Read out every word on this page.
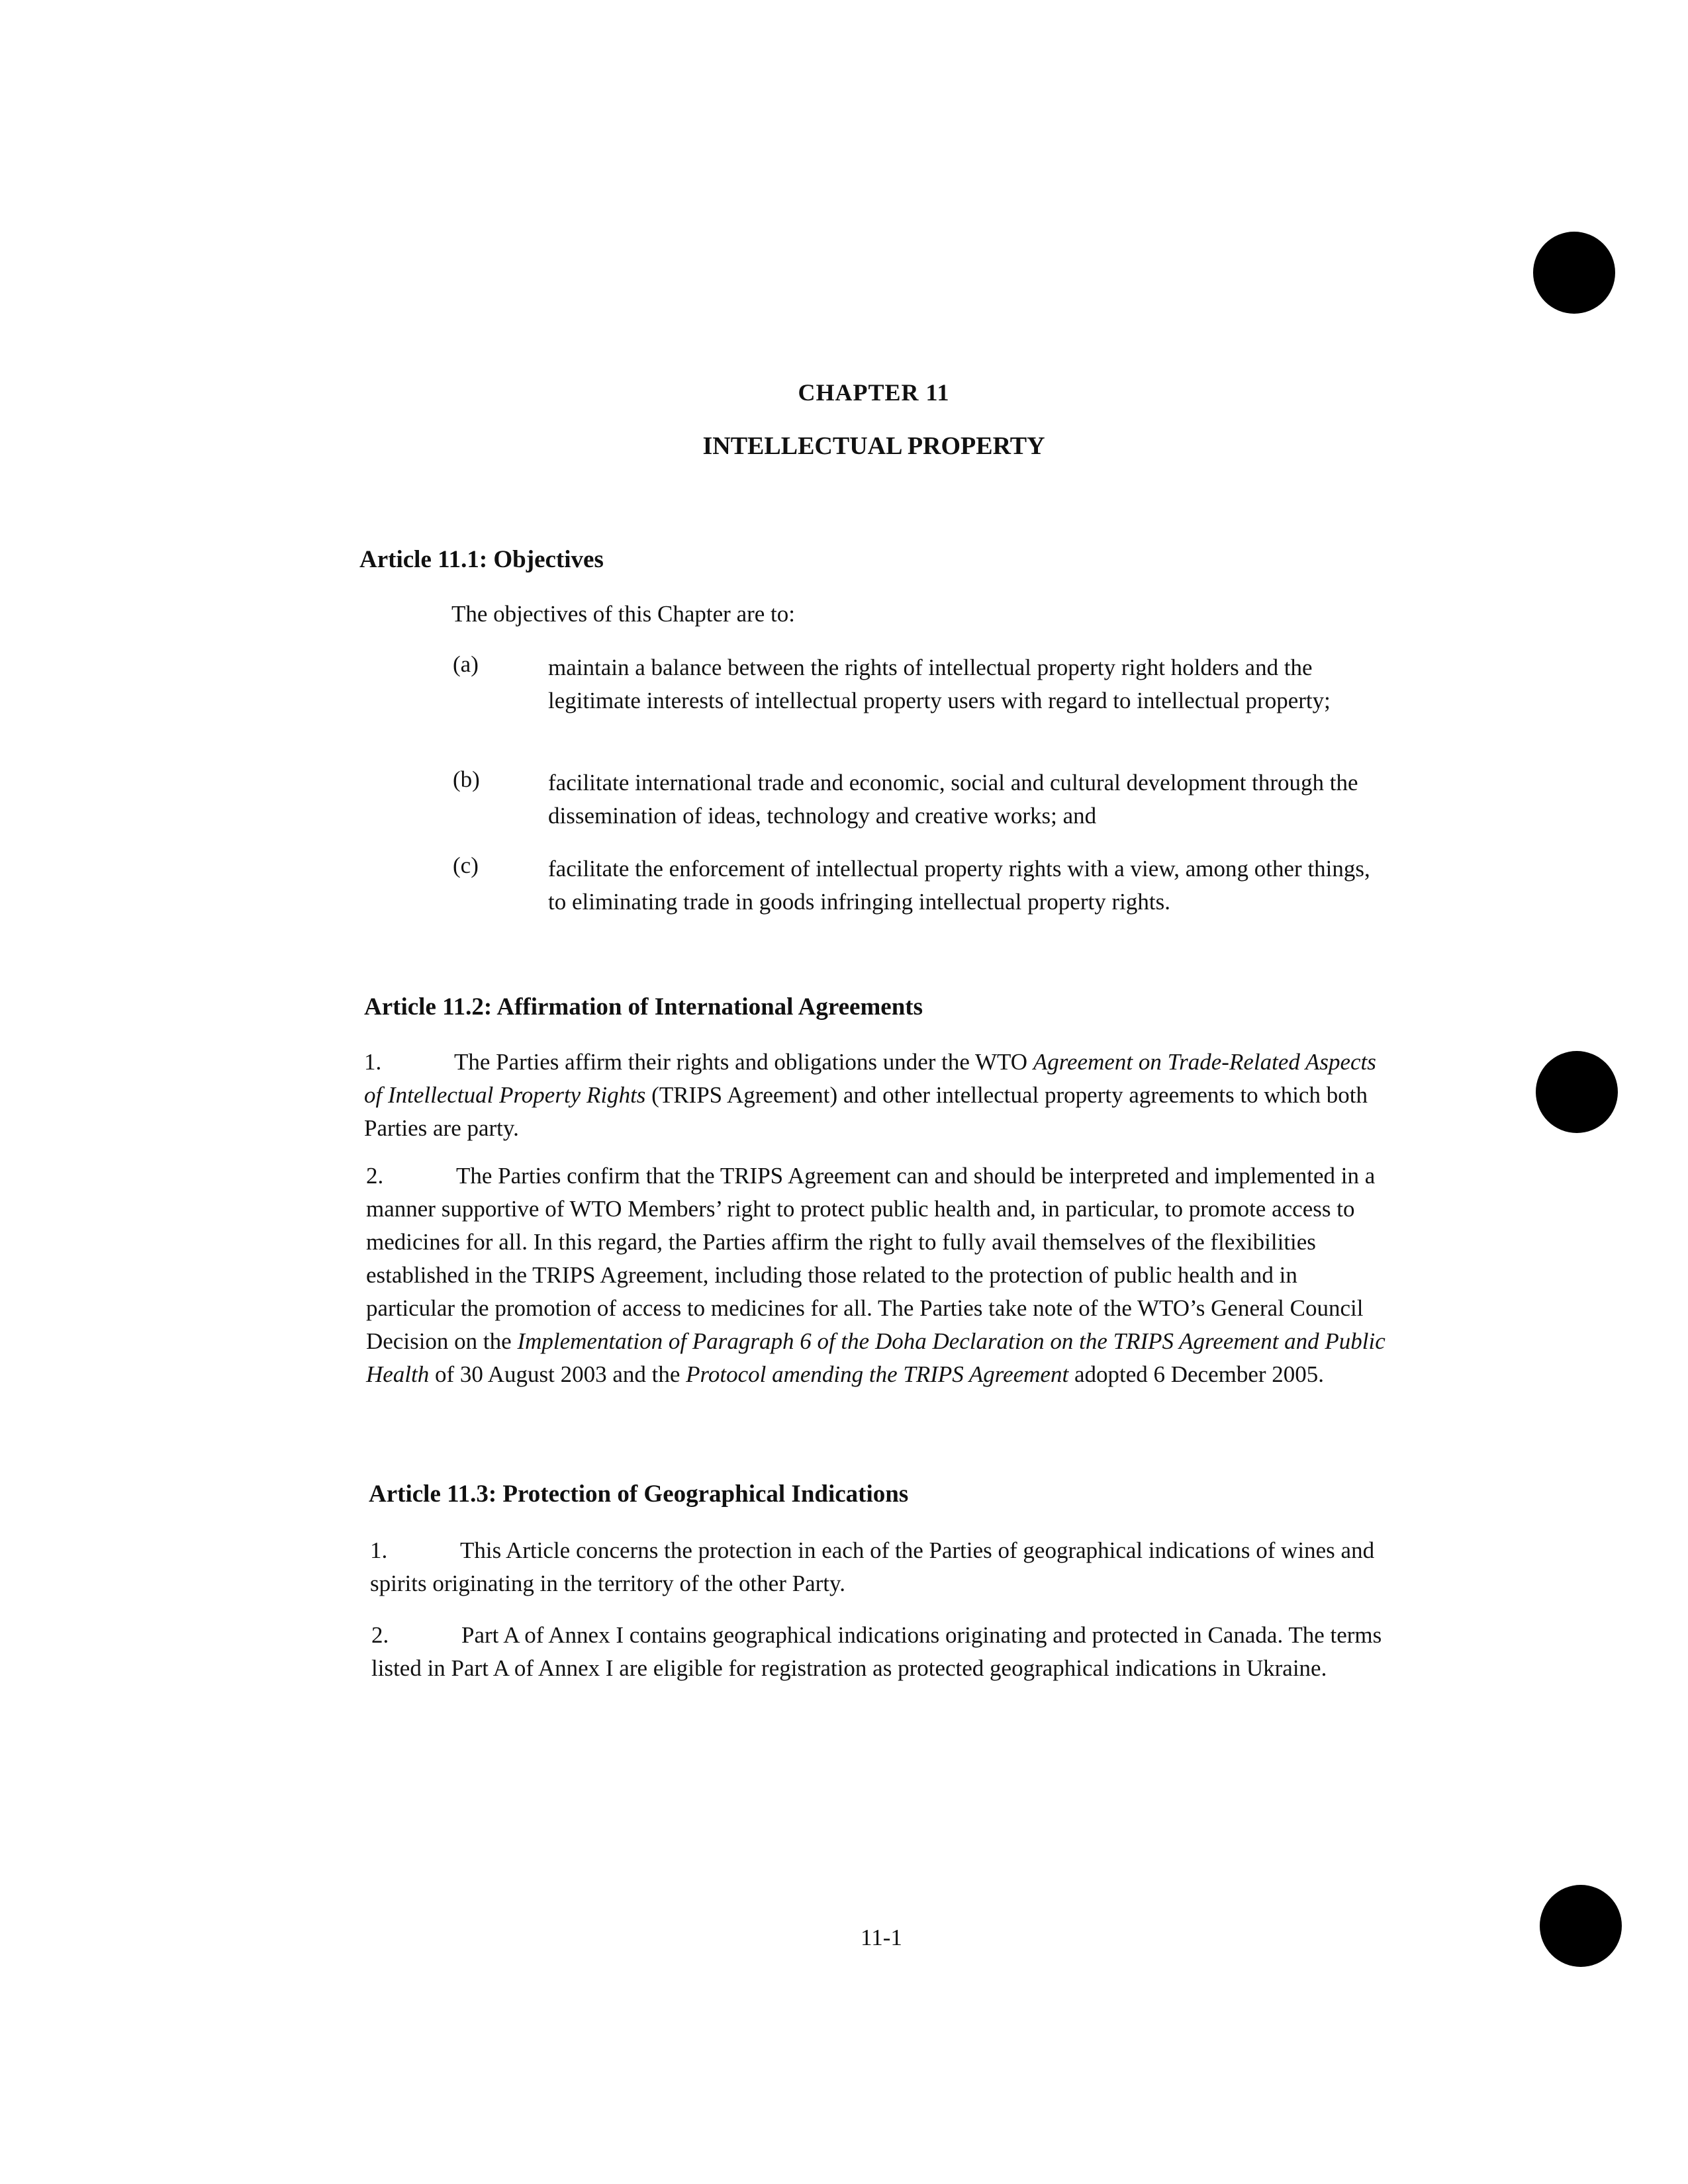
CHAPTER 11
INTELLECTUAL PROPERTY
Article 11.1: Objectives
The objectives of this Chapter are to:
(a)	maintain a balance between the rights of intellectual property right holders and the legitimate interests of intellectual property users with regard to intellectual property;
(b)	facilitate international trade and economic, social and cultural development through the dissemination of ideas, technology and creative works; and
(c)	facilitate the enforcement of intellectual property rights with a view, among other things, to eliminating trade in goods infringing intellectual property rights.
Article 11.2: Affirmation of International Agreements
1.	The Parties affirm their rights and obligations under the WTO Agreement on Trade-Related Aspects of Intellectual Property Rights (TRIPS Agreement) and other intellectual property agreements to which both Parties are party.
2.	The Parties confirm that the TRIPS Agreement can and should be interpreted and implemented in a manner supportive of WTO Members’ right to protect public health and, in particular, to promote access to medicines for all. In this regard, the Parties affirm the right to fully avail themselves of the flexibilities established in the TRIPS Agreement, including those related to the protection of public health and in particular the promotion of access to medicines for all. The Parties take note of the WTO’s General Council Decision on the Implementation of Paragraph 6 of the Doha Declaration on the TRIPS Agreement and Public Health of 30 August 2003 and the Protocol amending the TRIPS Agreement adopted 6 December 2005.
Article 11.3: Protection of Geographical Indications
1.	This Article concerns the protection in each of the Parties of geographical indications of wines and spirits originating in the territory of the other Party.
2.	Part A of Annex I contains geographical indications originating and protected in Canada. The terms listed in Part A of Annex I are eligible for registration as protected geographical indications in Ukraine.
11-1
